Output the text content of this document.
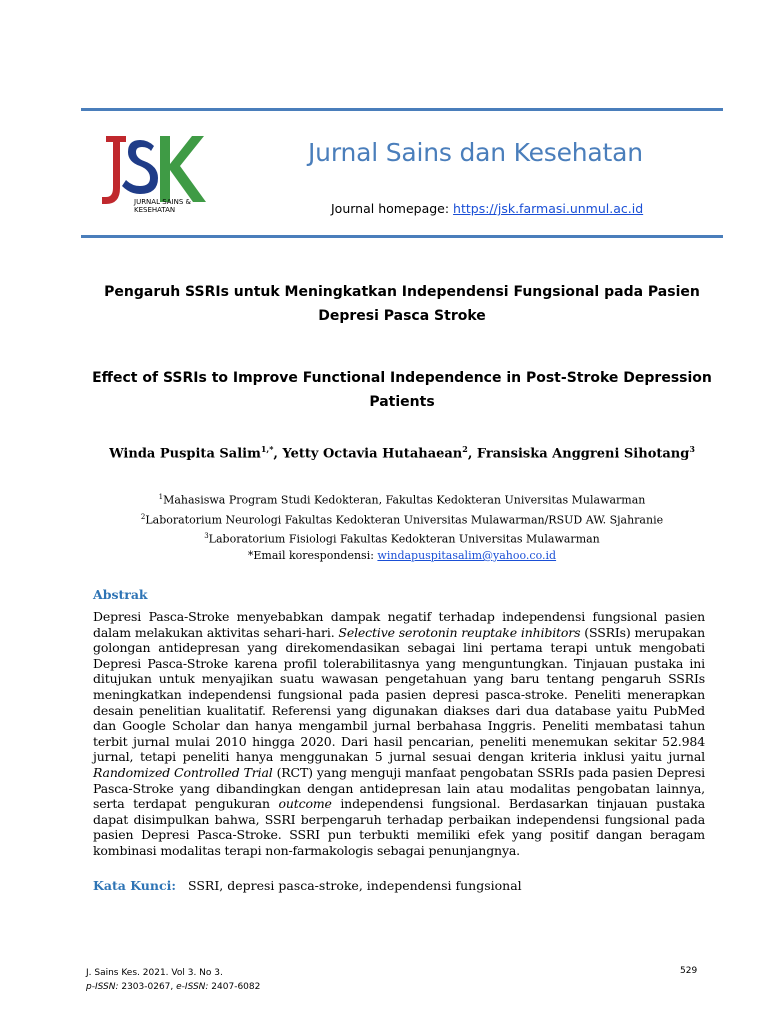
JURNAL SAINS &
KESEHATAN
Jurnal Sains dan Kesehatan
Journal homepage: https://jsk.farmasi.unmul.ac.id
Pengaruh SSRIs untuk Meningkatkan Independensi Fungsional pada Pasien
Depresi Pasca Stroke
Effect of SSRIs to Improve Functional Independence in Post-Stroke Depression
Patients
Winda Puspita Salim$^{1,*}$, Yetty Octavia Hutahaean$^2$, Fransiska Anggreni Sihotang$^3$
$^1$Mahasiswa Program Studi Kedokteran, Fakultas Kedokteran Universitas Mulawarman
$^2$Laboratorium Neurologi Fakultas Kedokteran Universitas Mulawarman/RSUD AW. Sjahranie
$^3$Laboratorium Fisiologi Fakultas Kedokteran Universitas Mulawarman
*Email korespondensi: windapuspitasalim@yahoo.co.id
Abstrak
Depresi Pasca-Stroke menyebabkan dampak negatif terhadap independensi fungsional pasien dalam melakukan aktivitas sehari-hari. Selective serotonin reuptake inhibitors (SSRIs) merupakan golongan antidepresan yang direkomendasikan sebagai lini pertama terapi untuk mengobati Depresi Pasca-Stroke karena profil tolerabilitasnya yang menguntungkan. Tinjauan pustaka ini ditujukan untuk menyajikan suatu wawasan pengetahuan yang baru tentang pengaruh SSRIs meningkatkan independensi fungsional pada pasien depresi pasca-stroke. Peneliti menerapkan desain penelitian kualitatif. Referensi yang digunakan diakses dari dua database yaitu PubMed dan Google Scholar dan hanya mengambil jurnal berbahasa Inggris. Peneliti membatasi tahun terbit jurnal mulai 2010 hingga 2020. Dari hasil pencarian, peneliti menemukan sekitar 52.984 jurnal, tetapi peneliti hanya menggunakan 5 jurnal sesuai dengan kriteria inklusi yaitu jurnal Randomized Controlled Trial (RCT) yang menguji manfaat pengobatan SSRIs pada pasien Depresi Pasca-Stroke yang dibandingkan dengan antidepresan lain atau modalitas pengobatan lainnya, serta terdapat pengukuran outcome independensi fungsional. Berdasarkan tinjauan pustaka dapat disimpulkan bahwa, SSRI berpengaruh terhadap perbaikan independensi fungsional pada pasien Depresi Pasca-Stroke. SSRI pun terbukti memiliki efek yang positif dangan beragam kombinasi modalitas terapi non-farmakologis sebagai penunjangnya.
Kata Kunci: SSRI, depresi pasca-stroke, independensi fungsional
J. Sains Kes. 2021. Vol 3. No 3.
p-ISSN: 2303-0267, e-ISSN: 2407-6082
529
